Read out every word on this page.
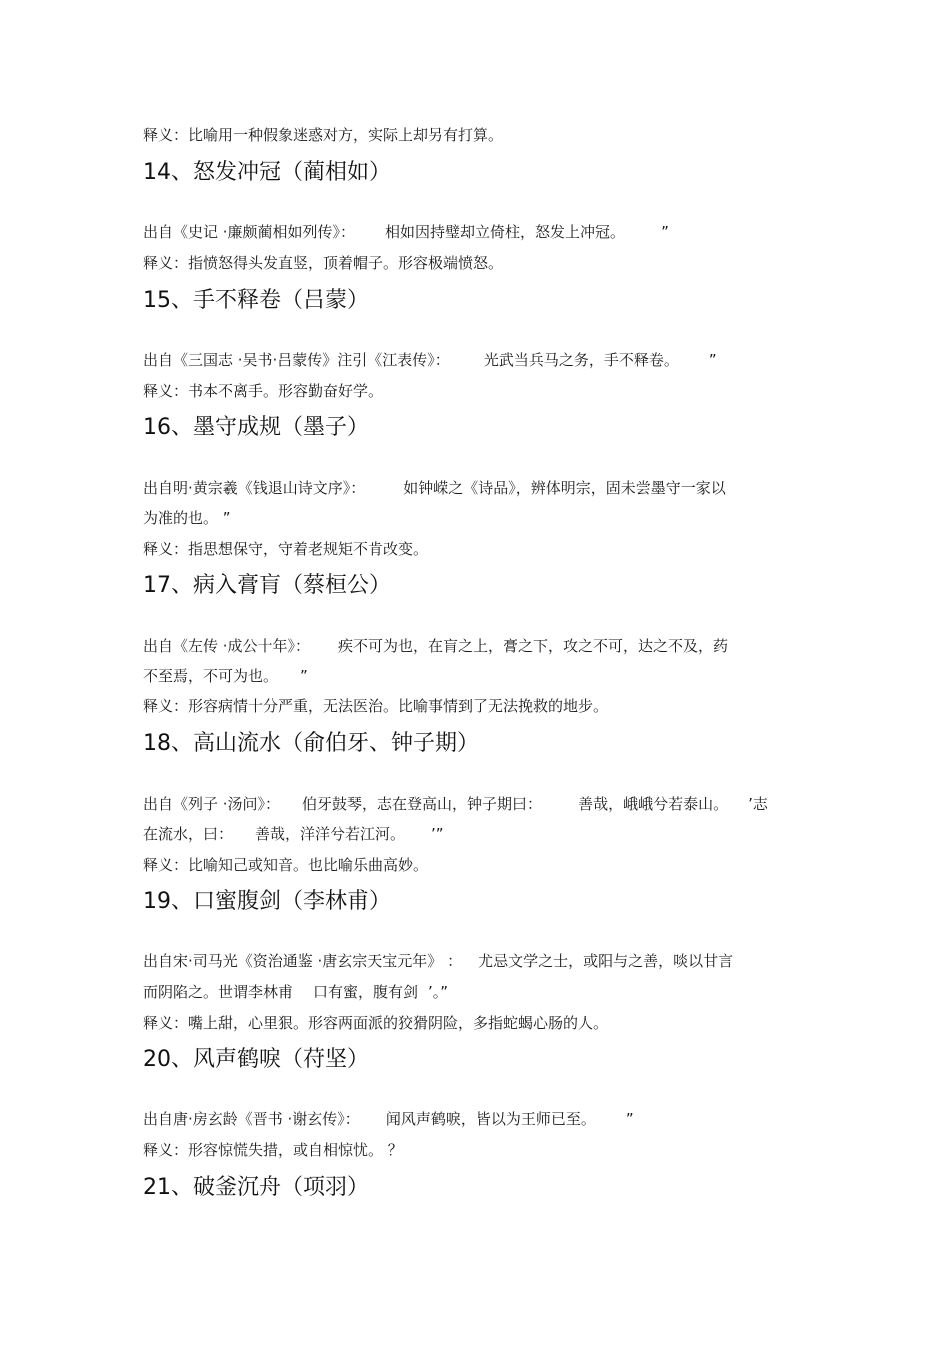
释义：比喻用一种假象迷惑对方，实际上却另有打算。

14、怒发冲冠（蔺相如）

出自《史记 ·廉颇蔺相如列传》： 相如因持璧却立倚柱，怒发上冲冠。 ”

释义：指愤怒得头发直竖，顶着帽子。形容极端愤怒。

15、手不释卷（吕蒙）

出自《三国志 ·吴书·吕蒙传》注引《江表传》： 光武当兵马之务，手不释卷。 ”

释义：书本不离手。形容勤奋好学。

16、墨守成规（墨子）

出自明·黄宗羲《钱退山诗文序》：	如钟嵘之《诗品》，辨体明宗，固未尝墨守一家以

为准的也。 ”

释义：指思想保守，守着老规矩不肯改变。

17、病入膏肓（蔡桓公）

出自《左传 ·成公十年》： 疾不可为也，在肓之上，膏之下，攻之不可，达之不及，药

不至焉，不可为也。 ”

释义：形容病情十分严重，无法医治。比喻事情到了无法挽救的地步。

18、高山流水（俞伯牙、钟子期）

出自《列子 ·汤问》： 伯牙鼓琴，志在登高山，钟子期曰： 善哉，峨峨兮若泰山。 ’志

在流水，曰： 善哉，洋洋兮若江河。 ’”

释义：比喻知己或知音。也比喻乐曲高妙。

19、口蜜腹剑（李林甫）

出自宋·司马光《资治通鉴 ·唐玄宗天宝元年》 ： 尤忌文学之士，或阳与之善，啖以甘言

而阴陷之。世谓李林甫 口有蜜，腹有剑 ’。”

释义：嘴上甜，心里狠。形容两面派的狡猾阴险，多指蛇蝎心肠的人。

20、风声鹤唳（苻坚）

出自唐·房玄龄《晋书 ·谢玄传》： 闻风声鹤唳，皆以为王师已至。 ”

释义：形容惊慌失措，或自相惊忧。 ？

21、破釜沉舟（项羽）
